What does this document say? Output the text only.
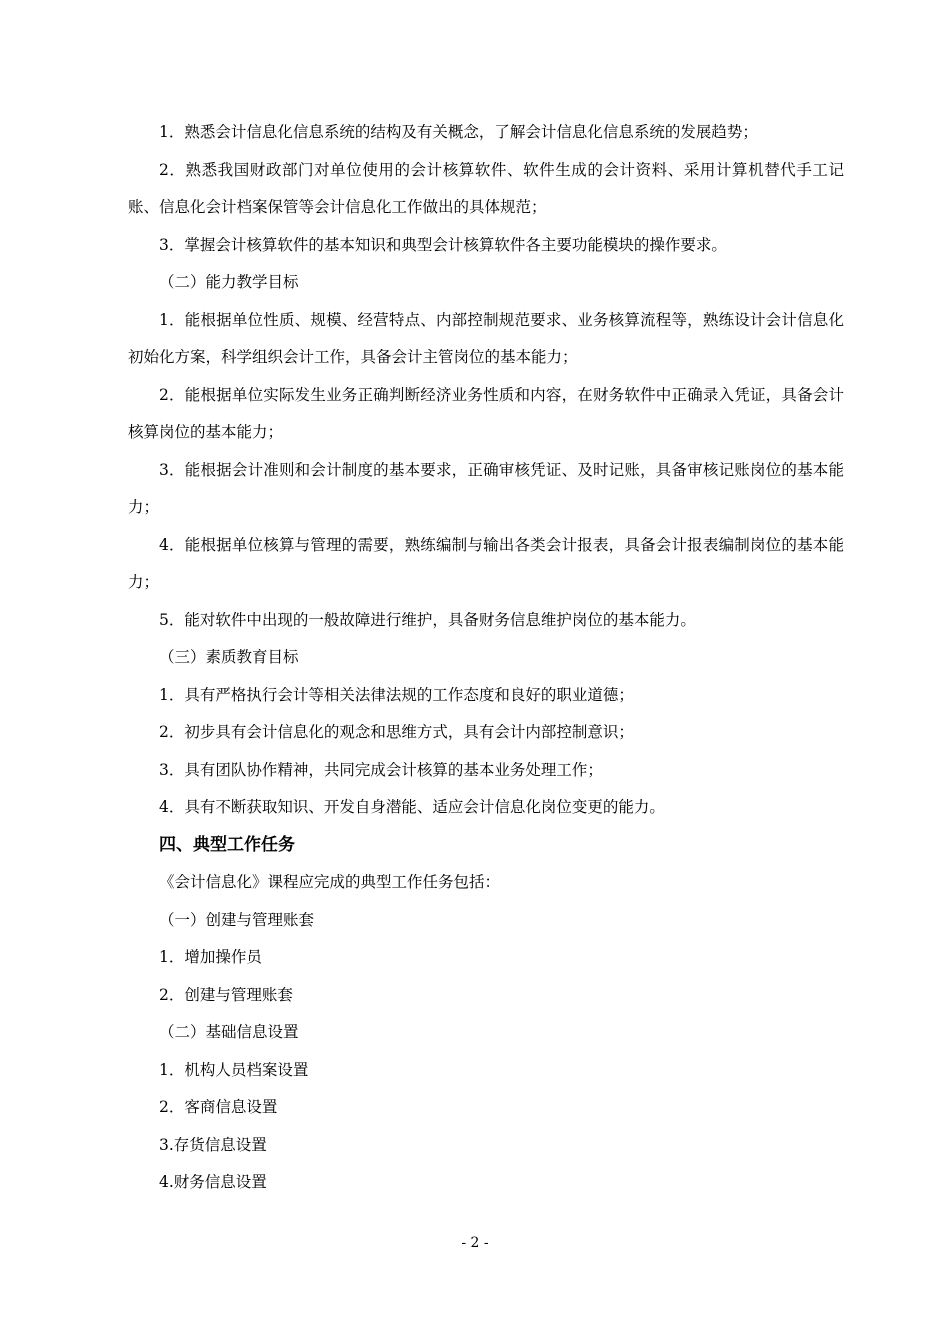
1．熟悉会计信息化信息系统的结构及有关概念，了解会计信息化信息系统的发展趋势；

2．熟悉我国财政部门对单位使用的会计核算软件、软件生成的会计资料、采用计算机替代手工记账、信息化会计档案保管等会计信息化工作做出的具体规范；

3．掌握会计核算软件的基本知识和典型会计核算软件各主要功能模块的操作要求。

（二）能力教学目标

1．能根据单位性质、规模、经营特点、内部控制规范要求、业务核算流程等，熟练设计会计信息化初始化方案，科学组织会计工作，具备会计主管岗位的基本能力；

2．能根据单位实际发生业务正确判断经济业务性质和内容，在财务软件中正确录入凭证，具备会计核算岗位的基本能力；

3．能根据会计准则和会计制度的基本要求，正确审核凭证、及时记账，具备审核记账岗位的基本能力；

4．能根据单位核算与管理的需要，熟练编制与输出各类会计报表，具备会计报表编制岗位的基本能力；

5．能对软件中出现的一般故障进行维护，具备财务信息维护岗位的基本能力。

（三）素质教育目标

1．具有严格执行会计等相关法律法规的工作态度和良好的职业道德；

2．初步具有会计信息化的观念和思维方式，具有会计内部控制意识；

3．具有团队协作精神，共同完成会计核算的基本业务处理工作；

4．具有不断获取知识、开发自身潜能、适应会计信息化岗位变更的能力。

四、典型工作任务

《会计信息化》课程应完成的典型工作任务包括：

（一）创建与管理账套

1．增加操作员

2．创建与管理账套

（二）基础信息设置

1．机构人员档案设置

2．客商信息设置

3.存货信息设置

4.财务信息设置

- 2 -
